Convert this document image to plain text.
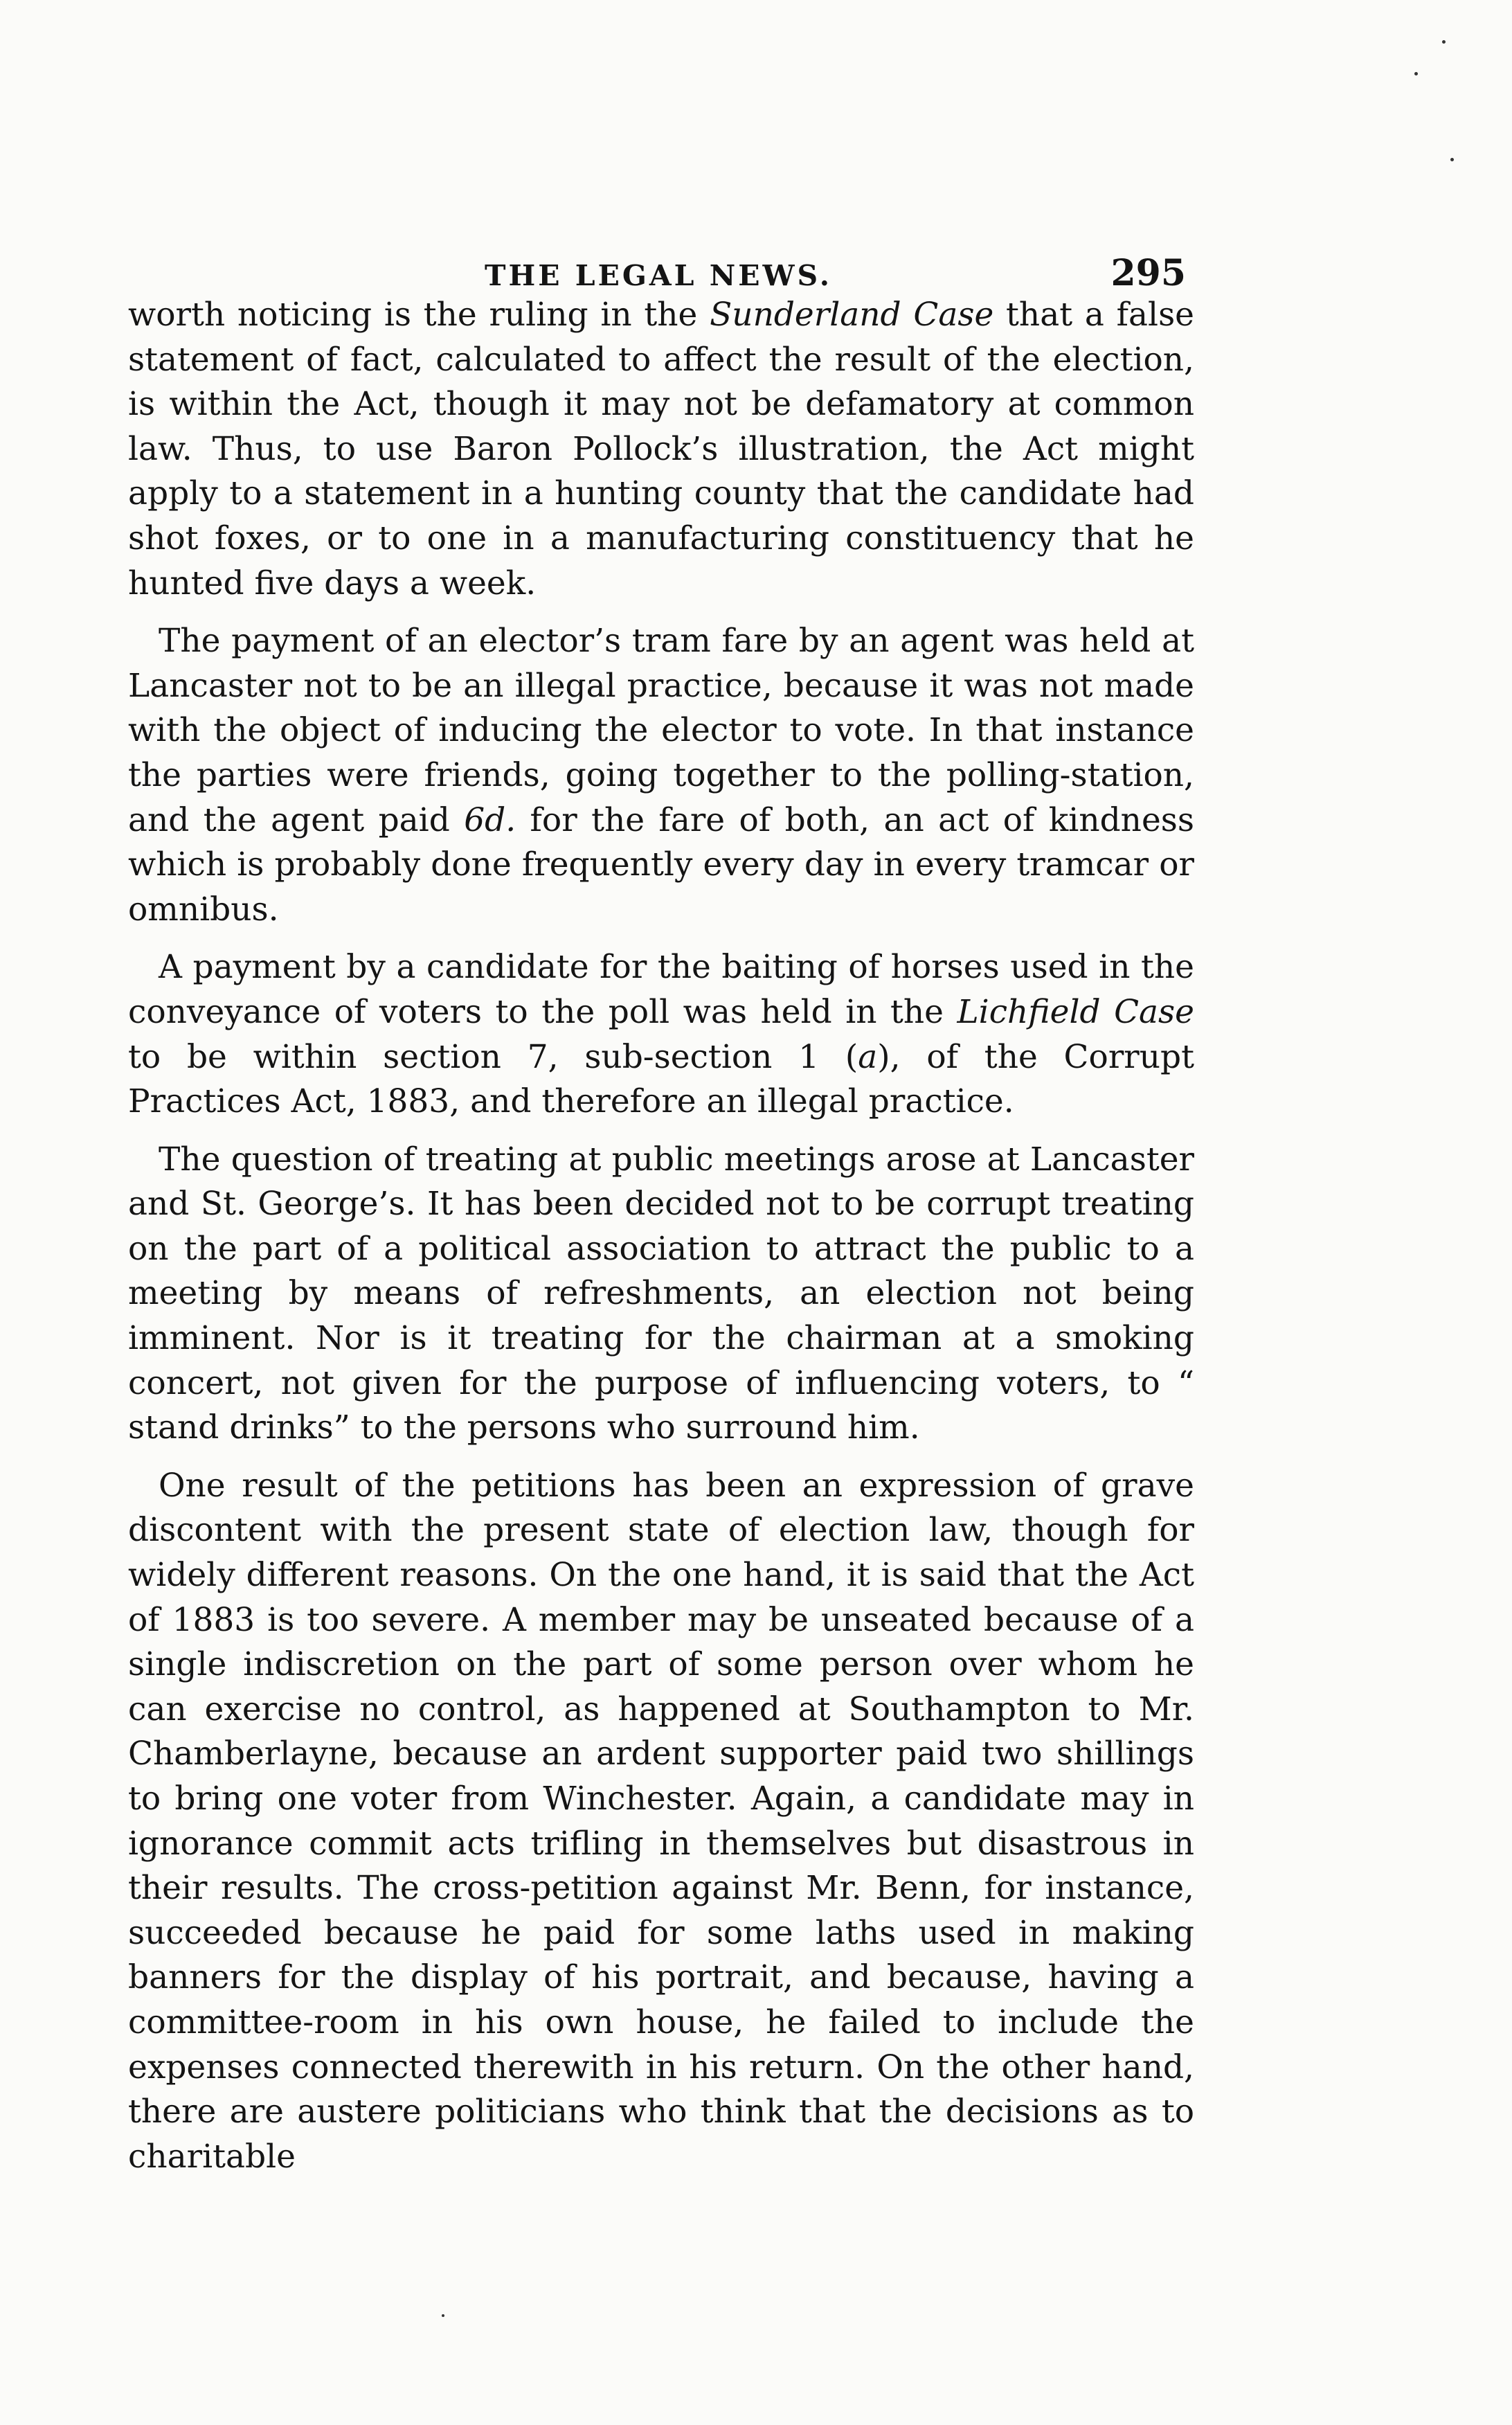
THE LEGAL NEWS.	295

worth noticing is the ruling in the Sunderland Case that a false statement of fact, calculated to affect the result of the election, is within the Act, though it may not be defamatory at common law. Thus, to use Baron Pollock’s illustration, the Act might apply to a statement in a hunting county that the candidate had shot foxes, or to one in a manufacturing constituency that he hunted five days a week.

The payment of an elector’s tram fare by an agent was held at Lancaster not to be an illegal practice, because it was not made with the object of inducing the elector to vote. In that instance the parties were friends, going together to the polling-station, and the agent paid 6d. for the fare of both, an act of kindness which is probably done frequently every day in every tramcar or omnibus.

A payment by a candidate for the baiting of horses used in the conveyance of voters to the poll was held in the Lichfield Case to be within section 7, sub-section 1 (a), of the Corrupt Practices Act, 1883, and therefore an illegal practice.

The question of treating at public meetings arose at Lancaster and St. George’s. It has been decided not to be corrupt treating on the part of a political association to attract the public to a meeting by means of refreshments, an election not being imminent. Nor is it treating for the chairman at a smoking concert, not given for the purpose of influencing voters, to “ stand drinks” to the persons who surround him.

One result of the petitions has been an expression of grave discontent with the present state of election law, though for widely different reasons. On the one hand, it is said that the Act of 1883 is too severe. A member may be unseated because of a single indiscretion on the part of some person over whom he can exercise no control, as happened at Southampton to Mr. Chamberlayne, because an ardent supporter paid two shillings to bring one voter from Winchester. Again, a candidate may in ignorance commit acts trifling in themselves but disastrous in their results. The cross-petition against Mr. Benn, for instance, succeeded because he paid for some laths used in making banners for the display of his portrait, and because, having a committee-room in his own house, he failed to include the expenses connected therewith in his return. On the other hand, there are austere politicians who think that the decisions as to charitable
